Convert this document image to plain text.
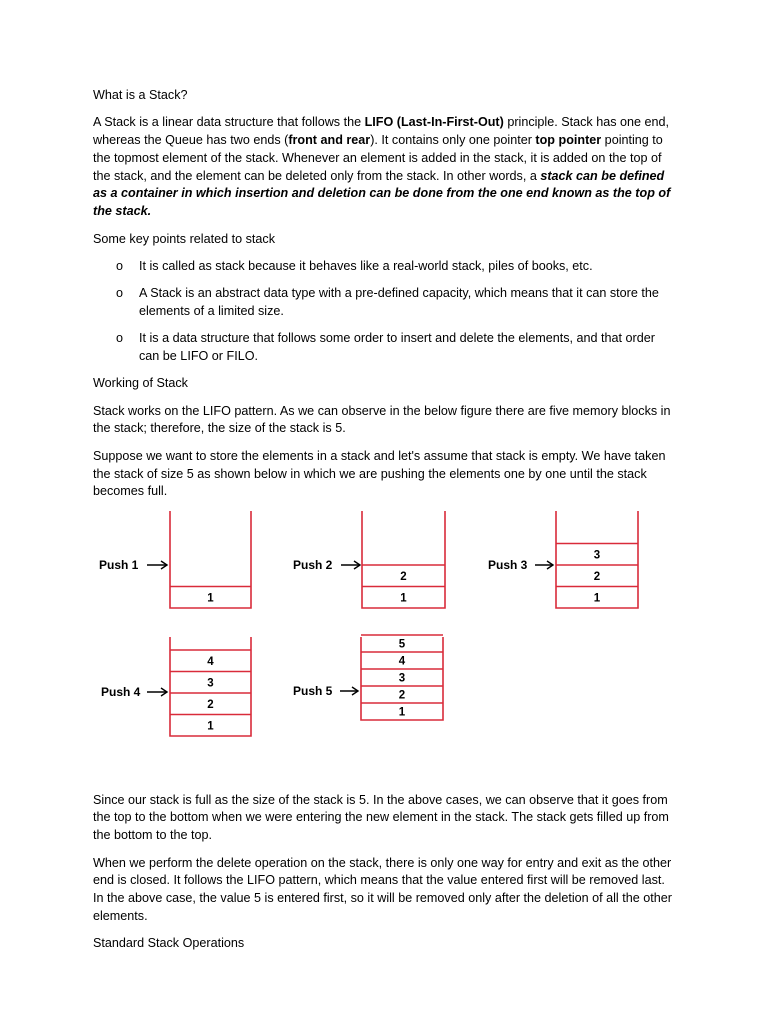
What is a Stack?

A Stack is a linear data structure that follows the LIFO (Last-In-First-Out) principle. Stack has one end, whereas the Queue has two ends (front and rear). It contains only one pointer top pointer pointing to the topmost element of the stack. Whenever an element is added in the stack, it is added on the top of the stack, and the element can be deleted only from the stack. In other words, a stack can be defined as a container in which insertion and deletion can be done from the one end known as the top of the stack.

Some key points related to stack

o It is called as stack because it behaves like a real-world stack, piles of books, etc.
o A Stack is an abstract data type with a pre-defined capacity, which means that it can store the elements of a limited size.
o It is a data structure that follows some order to insert and delete the elements, and that order can be LIFO or FILO.

Working of Stack

Stack works on the LIFO pattern. As we can observe in the below figure there are five memory blocks in the stack; therefore, the size of the stack is 5.

Suppose we want to store the elements in a stack and let's assume that stack is empty. We have taken the stack of size 5 as shown below in which we are pushing the elements one by one until the stack becomes full.

1
Push 1
1
2
Push 2
1
2
3
Push 3
1
2
3
4
Push 4
1
2
3
4
5
Push 5

Since our stack is full as the size of the stack is 5. In the above cases, we can observe that it goes from the top to the bottom when we were entering the new element in the stack. The stack gets filled up from the bottom to the top.

When we perform the delete operation on the stack, there is only one way for entry and exit as the other end is closed. It follows the LIFO pattern, which means that the value entered first will be removed last. In the above case, the value 5 is entered first, so it will be removed only after the deletion of all the other elements.

Standard Stack Operations
